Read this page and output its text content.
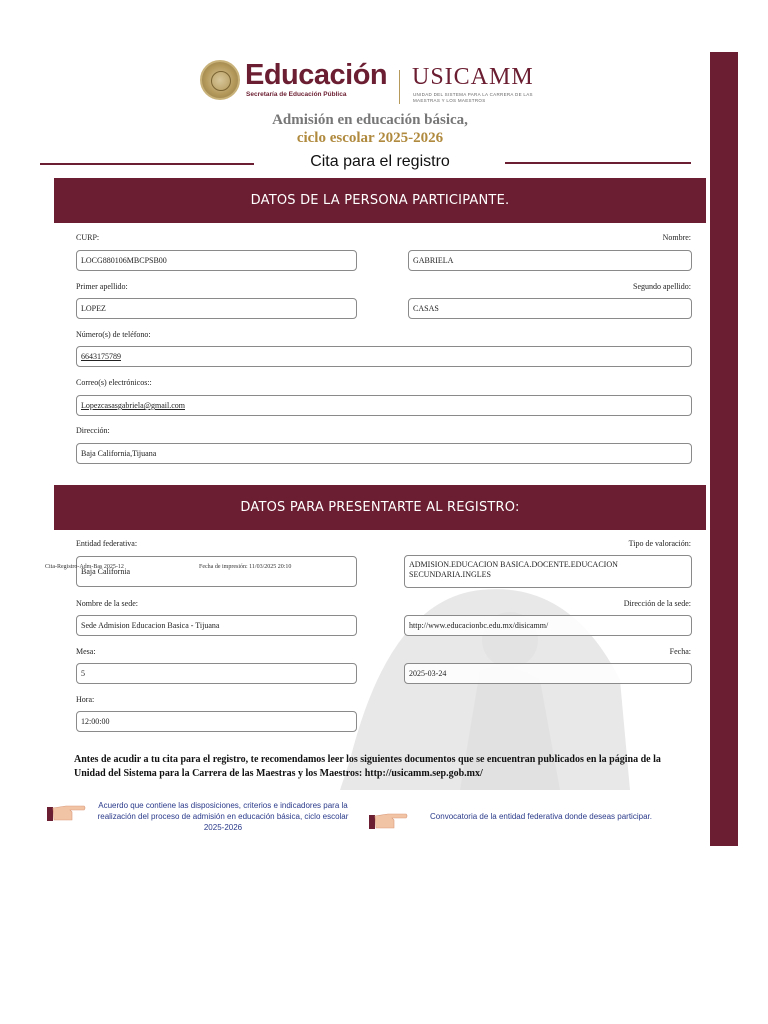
Educación
Secretaría de Educación Pública
USICAMM
UNIDAD DEL SISTEMA PARA LA CARRERA DE LAS MAESTRAS Y LOS MAESTROS
Admisión en educación básica,
ciclo escolar 2025-2026
Cita para el registro
DATOS DE LA PERSONA PARTICIPANTE.
CURP:	Nombre:
LOCG880106MBCPSB00	GABRIELA
Primer apellido:	Segundo apellido:
LOPEZ	CASAS
Número(s) de teléfono:
6643175789
Correo(s) electrónicos::
Lopezcasasgabriela@gmail.com
Dirección:
Baja California,Tijuana
DATOS PARA PRESENTARTE AL REGISTRO:
Entidad federativa:	Tipo de valoración:
Baja California
ADMISION.EDUCACION BASICA.DOCENTE.EDUCACION SECUNDARIA.INGLES
Cita-Registro-Adm-Bas 2025-12	Fecha de impresión: 11/03/2025 20:10
Nombre de la sede:	Dirección de la sede:
Sede Admision Educacion Basica - Tijuana	http://www.educacionbc.edu.mx/disicamm/
Mesa:	Fecha:
5	2025-03-24
Hora:
12:00:00
Antes de acudir a tu cita para el registro, te recomendamos leer los siguientes documentos que se encuentran publicados en la página de la Unidad del Sistema para la Carrera de las Maestras y los Maestros: http://usicamm.sep.gob.mx/
Acuerdo que contiene las disposiciones, criterios e indicadores para la realización del proceso de admisión en educación básica, ciclo escolar 2025-2026
Convocatoria de la entidad federativa donde deseas participar.
